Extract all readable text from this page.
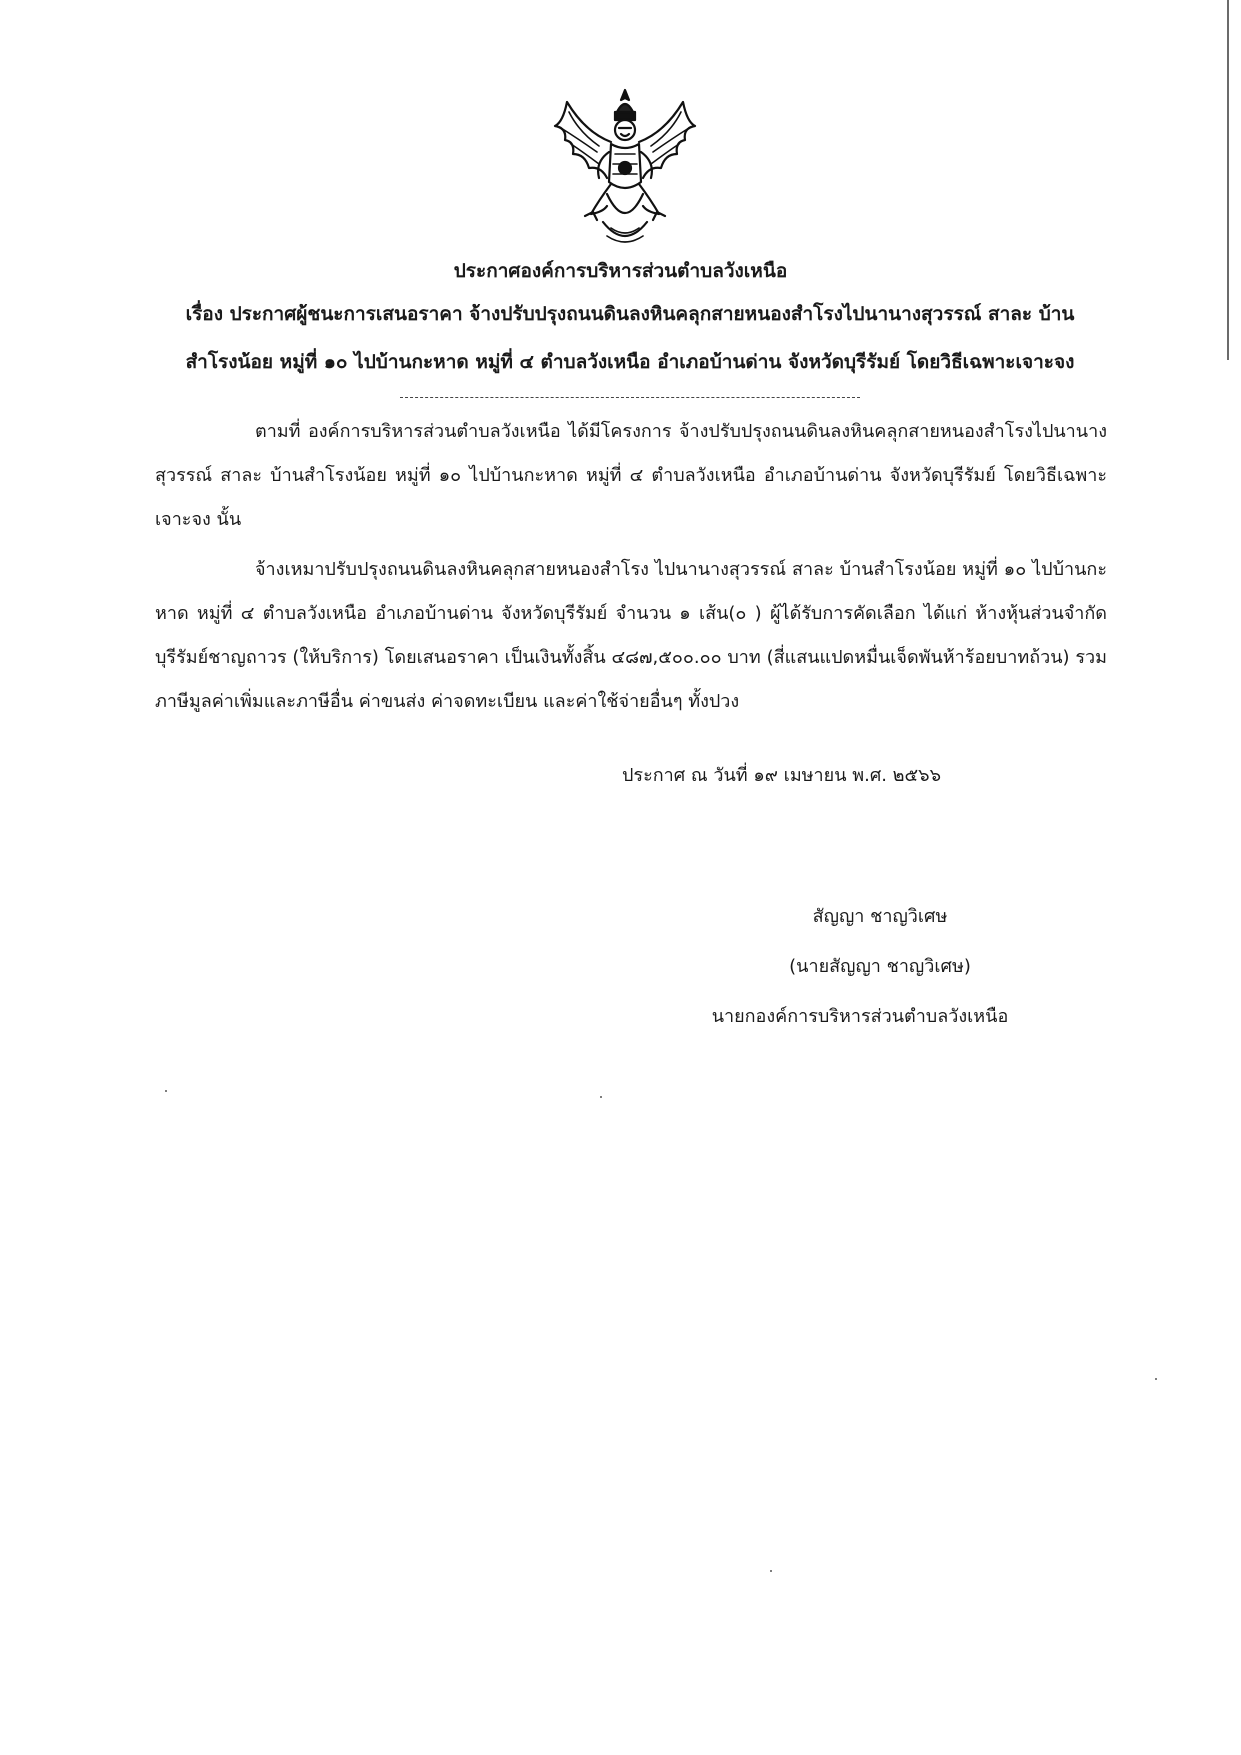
ประกาศองค์การบริหารส่วนตำบลวังเหนือ
เรื่อง ประกาศผู้ชนะการเสนอราคา จ้างปรับปรุงถนนดินลงหินคลุกสายหนองสำโรงไปนานางสุวรรณ์ สาละ บ้าน
สำโรงน้อย หมู่ที่ ๑๐ ไปบ้านกะหาด หมู่ที่ ๔ ตำบลวังเหนือ อำเภอบ้านด่าน จังหวัดบุรีรัมย์ โดยวิธีเฉพาะเจาะจง
ตามที่ องค์การบริหารส่วนตำบลวังเหนือ ได้มีโครงการ จ้างปรับปรุงถนนดินลงหินคลุกสายหนองสำโรงไปนานางสุวรรณ์ สาละ บ้านสำโรงน้อย หมู่ที่ ๑๐ ไปบ้านกะหาด หมู่ที่ ๔ ตำบลวังเหนือ อำเภอบ้านด่าน จังหวัดบุรีรัมย์ โดยวิธีเฉพาะเจาะจง นั้น
จ้างเหมาปรับปรุงถนนดินลงหินคลุกสายหนองสำโรง ไปนานางสุวรรณ์ สาละ บ้านสำโรงน้อย หมู่ที่ ๑๐ ไปบ้านกะหาด หมู่ที่ ๔ ตำบลวังเหนือ อำเภอบ้านด่าน จังหวัดบุรีรัมย์ จำนวน ๑ เส้น(๐ ) ผู้ได้รับการคัดเลือก ได้แก่ ห้างหุ้นส่วนจำกัด บุรีรัมย์ชาญถาวร (ให้บริการ) โดยเสนอราคา เป็นเงินทั้งสิ้น ๔๘๗,๕๐๐.๐๐ บาท (สี่แสนแปดหมื่นเจ็ดพันห้าร้อยบาทถ้วน) รวมภาษีมูลค่าเพิ่มและภาษีอื่น ค่าขนส่ง ค่าจดทะเบียน และค่าใช้จ่ายอื่นๆ ทั้งปวง
ประกาศ ณ วันที่ ๑๙ เมษายน พ.ศ. ๒๕๖๖
สัญญา ชาญวิเศษ
(นายสัญญา ชาญวิเศษ)
นายกองค์การบริหารส่วนตำบลวังเหนือ
